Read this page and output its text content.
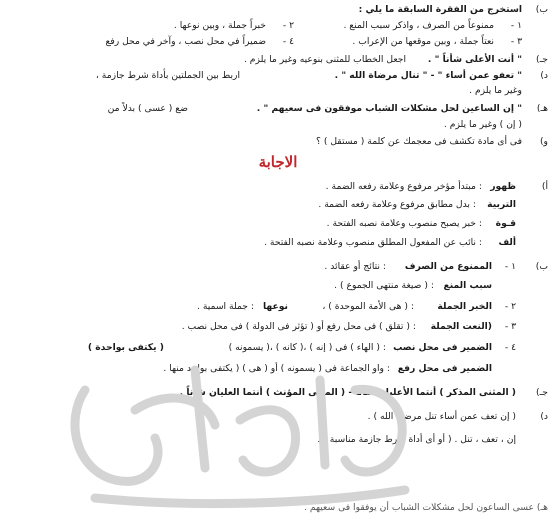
ب)
استخرج من الفقرة السابقة ما يلي :
١ -
ممنوعاً من الصرف ، واذكر سبب المنع .
٢ -
خبراً جملة ، وبين نوعها .
٣ -
نعتاً جملة ، وبين موقعها من الإعراب .
٤ -
ضميراً في محل نصب ، وآخر في محل رفع
جـ)
" أنت الأعلى شأناً " .
اجعل الخطاب للمثنى بنوعيه وغير ما يلزم .
د)
" تعفو عمن أساء " - " تنال مرضاة الله " .
اربط بين الجملتين بأداة شرط جازمة ،
وغير ما يلزم .
هـ)
" إن الساعين لحل مشكلات الشباب موفقون فى سعيهم " .
ضع ( عسى ) بدلاً من
( إن ) وغير ما يلزم .
و)
فى أى مادة تكشف فى معجمك عن كلمة ( مستقل ) ؟
الاجابة
أ)
ظهور
: مبتدأ مؤخر مرفوع وعلامة رفعه الضمة .
التربية
: بدل مطابق مرفوع وعلامة رفعه الضمة .
قـوة
: خبر يصبح منصوب وعلامة نصبه الفتحة .
ألف
: نائب عن المفعول المطلق منصوب وعلامة نصبه الفتحة .
ب)
١ -
الممنوع من الصرف
: نتائج أو عقائد .
سبب المنع
: ( صيغة منتهى الجموع ) .
٢ -
الخبر الجملة
: ( هى الأمة الموحدة ) ،
نوعها
: جملة اسمية .
٣ -
(النعت الجملة
: ( تقلق ) فى محل رفع أو ( تؤثر فى الدولة ) فى محل نصب .
٤ -
الضمير فى محل نصب
: ( الهاء ) فى ( إنه ) ،( كانه ) ،( يسمونه )
( يكتفى بواحدة )
الضمير فى محل رفع
: واو الجماعة فى ( يسمونه ) أو ( هى ) ( يكتفى بواحد منها .
جـ)
( المثنى المذكر ) أنتما الأعليان شأناً - ( المثنى المؤنث ) أنتما العليان شأناً .
د)
( إن تعف عمن أساء تنل مرضاة الله ) .
إن ، تعف ، تنل . ( أو أى أداة شرط جازمة مناسبة ) .
هـ) عسى الساعون لحل مشكلات الشباب أن يوفقوا فى سعيهم .
